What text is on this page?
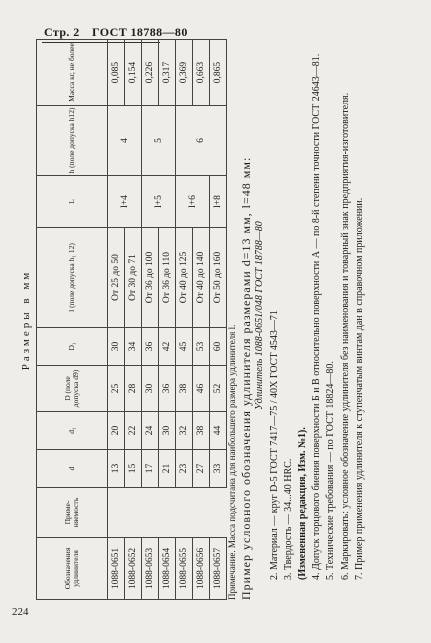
Стр. 2 ГОСТ 18788—80
Размеры в мм
Обозначения удлинителя	Приме-няемость	d	d₁	D (поле допуска d9)	D₁	l (поле допуска h₁ 12)	L	h (поле допуска h12)	Масса кг, не более
1088-0651		13	20	25	30	От 25 до 50	l+4	4	0,085
1088-0652		15	22	28	34	От 30 до 71			0,154
1088-0653		17	24	30	36	От 36 до 100	l+5	5	0,226
1088-0654		21	30	36	42	От 36 до 110			0,317
1088-0655		23	32	38	45	От 40 до 125	l+6	6	0,369
1088-0656		27	38	46	53	От 40 до 140			0,663
1088-0657		33	44	52	60	От 50 до 160	l+8		0,865

Примечание. Масса подсчитана для наибольшего размера удлинителя l. Пример условного обозначения удлинителя размерами d=13 мм, l=48 мм: Удлинитель 1088-0651/048 ГОСТ 18788—80 2. Материал — круг D-5 ГОСТ 7417—75 / 40Х ГОСТ 4543—71 3. Твердость — 34...40 HRC. (Измененная редакция, Изм. №1). 4. Допуск торцового биения поверхности Б и В относительно поверхности А — по 8-й степени точности ГОСТ 24643—81. 5. Технические требования — по ГОСТ 18824—80. 6. Маркировать: условное обозначение удлинителя без наименования и товарный знак предприятия-изготовителя. 7. Пример применения удлинителя к ступенчатым винтам дан в справочном приложении.

224
